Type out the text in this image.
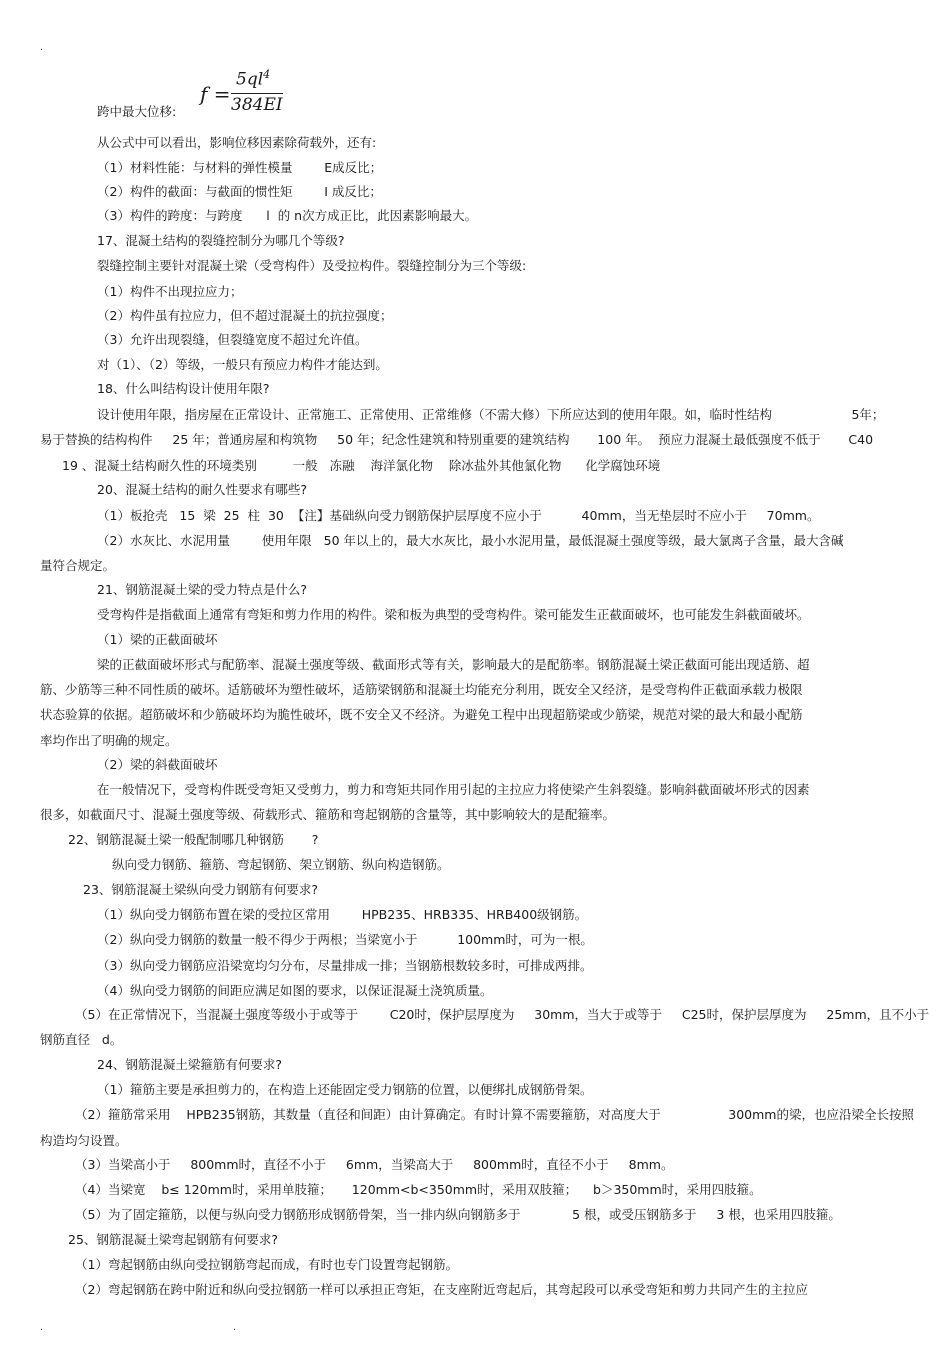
.
.	.
f =
$5ql^4$
384EI
跨中最大位移:
从公式中可以看出，影响位移因素除荷载外，还有:
（1）材料性能：与材料的弹性模量        E成反比；
（2）构件的截面：与截面的惯性矩        I 成反比；
（3）构件的跨度：与跨度      l  的 n次方成正比，此因素影响最大。
17、混凝土结构的裂缝控制分为哪几个等级?
裂缝控制主要针对混凝土梁（受弯构件）及受拉构件。裂缝控制分为三个等级:
（1）构件不出现拉应力；
（2）构件虽有拉应力，但不超过混凝土的抗拉强度；
（3）允许出现裂缝，但裂缝宽度不超过允许值。
对（1）、（2）等级，一般只有预应力构件才能达到。
18、什么叫结构设计使用年限?
设计使用年限，指房屋在正常设计、正常施工、正常使用、正常维修（不需大修）下所应达到的使用年限。如，临时性结构                    5年；
易于替换的结构构件     25 年；普通房屋和构筑物     50 年；纪念性建筑和特别重要的建筑结构       100 年。  预应力混凝土最低强度不低于       C40
19 、混凝土结构耐久性的环境类别         一般   冻融    海洋氯化物    除冰盐外其他氯化物      化学腐蚀环境
20、混凝土结构的耐久性要求有哪些?
（1）板抢壳   15  梁  25  柱  30  【注】基础纵向受力钢筋保护层厚度不应小于          40mm，当无垫层时不应小于     70mm。
（2）水灰比、水泥用量        使用年限   50 年以上的，最大水灰比，最小水泥用量，最低混凝土强度等级，最大氯离子含量，最大含碱
量符合规定。
21、钢筋混凝土梁的受力特点是什么?
受弯构件是指截面上通常有弯矩和剪力作用的构件。梁和板为典型的受弯构件。梁可能发生正截面破坏，也可能发生斜截面破坏。
（1）梁的正截面破坏
梁的正截面破坏形式与配筋率、混凝土强度等级、截面形式等有关，影响最大的是配筋率。钢筋混凝土梁正截面可能出现适筋、超
筋、少筋等三种不同性质的破坏。适筋破坏为塑性破坏，适筋梁钢筋和混凝土均能充分利用，既安全又经济，是受弯构件正截面承载力极限
状态验算的依据。超筋破坏和少筋破坏均为脆性破坏，既不安全又不经济。为避免工程中出现超筋梁或少筋梁，规范对梁的最大和最小配筋
率均作出了明确的规定。
（2）梁的斜截面破坏
在一般情况下，受弯构件既受弯矩又受剪力，剪力和弯矩共同作用引起的主拉应力将使梁产生斜裂缝。影响斜截面破坏形式的因素
很多，如截面尺寸、混凝土强度等级、荷载形式、箍筋和弯起钢筋的含量等，其中影响较大的是配箍率。
22、钢筋混凝土梁一般配制哪几种钢筋       ?
纵向受力钢筋、箍筋、弯起钢筋、架立钢筋、纵向构造钢筋。
23、钢筋混凝土梁纵向受力钢筋有何要求?
（1）纵向受力钢筋布置在梁的受拉区常用        HPB235、HRB335、HRB400级钢筋。
（2）纵向受力钢筋的数量一般不得少于两根；当梁宽小于          100mm时，可为一根。
（3）纵向受力钢筋应沿梁宽均匀分布，尽量排成一排；当钢筋根数较多时，可排成两排。
（4）纵向受力钢筋的间距应满足如图的要求，以保证混凝土浇筑质量。
（5）在正常情况下，当混凝土强度等级小于或等于        C20时，保护层厚度为     30mm，当大于或等于     C25时，保护层厚度为     25mm，且不小于
钢筋直径   d。
24、钢筋混凝土梁箍筋有何要求?
（1）箍筋主要是承担剪力的，在构造上还能固定受力钢筋的位置，以便绑扎成钢筋骨架。
（2）箍筋常采用    HPB235钢筋，其数量（直径和间距）由计算确定。有时计算不需要箍筋，对高度大于                 300mm的梁，也应沿梁全长按照
构造均匀设置。
（3）当梁高小于     800mm时，直径不小于     6mm，当梁高大于     800mm时，直径不小于     8mm。
（4）当梁宽    b≤ 120mm时，采用单肢箍；     120mm<b<350mm时，采用双肢箍；    b＞350mm时，采用四肢箍。
（5）为了固定箍筋，以便与纵向受力钢筋形成钢筋骨架，当一排内纵向钢筋多于             5 根，或受压钢筋多于     3 根，也采用四肢箍。
25、钢筋混凝土梁弯起钢筋有何要求?
（1）弯起钢筋由纵向受拉钢筋弯起而成，有时也专门设置弯起钢筋。
（2）弯起钢筋在跨中附近和纵向受拉钢筋一样可以承担正弯矩，在支座附近弯起后，其弯起段可以承受弯矩和剪力共同产生的主拉应
